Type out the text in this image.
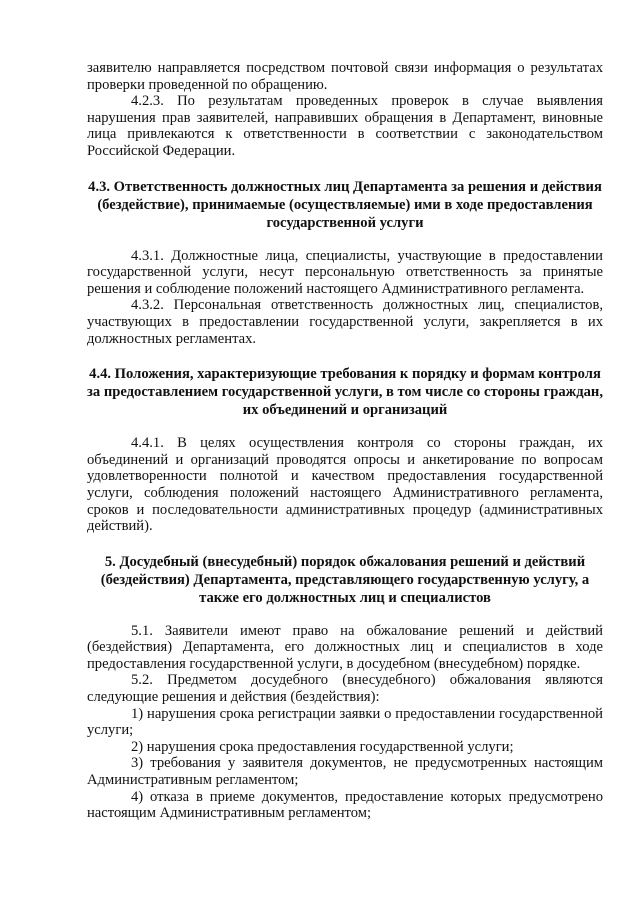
заявителю направляется посредством почтовой связи информация о результатах проверки проведенной по обращению.

4.2.3. По результатам проведенных проверок в случае выявления нарушения прав заявителей, направивших обращения в Департамент, виновные лица привлекаются к ответственности в соответствии с законодательством Российской Федерации.

4.3. Ответственность должностных лиц Департамента за решения и действия (бездействие), принимаемые (осуществляемые) ими в ходе предоставления государственной услуги

4.3.1. Должностные лица, специалисты, участвующие в предоставлении государственной услуги, несут персональную ответственность за принятые решения и соблюдение положений настоящего Административного регламента.

4.3.2. Персональная ответственность должностных лиц, специалистов, участвующих в предоставлении государственной услуги, закрепляется в их должностных регламентах.

4.4. Положения, характеризующие требования к порядку и формам контроля за предоставлением государственной услуги, в том числе со стороны граждан, их объединений и организаций

4.4.1. В целях осуществления контроля со стороны граждан, их объединений и организаций проводятся опросы и анкетирование по вопросам удовлетворенности полнотой и качеством предоставления государственной услуги, соблюдения положений настоящего Административного регламента, сроков и последовательности административных процедур (административных действий).

5. Досудебный (внесудебный) порядок обжалования решений и действий (бездействия) Департамента, представляющего государственную услугу, а также его должностных лиц и специалистов

5.1. Заявители имеют право на обжалование решений и действий (бездействия) Департамента, его должностных лиц и специалистов в ходе предоставления государственной услуги, в досудебном (внесудебном) порядке.

5.2. Предметом досудебного (внесудебного) обжалования являются следующие решения и действия (бездействия):

1) нарушения срока регистрации заявки о предоставлении государственной услуги;

2) нарушения срока предоставления государственной услуги;

3) требования у заявителя документов, не предусмотренных настоящим Административным регламентом;

4) отказа в приеме документов, предоставление которых предусмотрено настоящим Административным регламентом;
